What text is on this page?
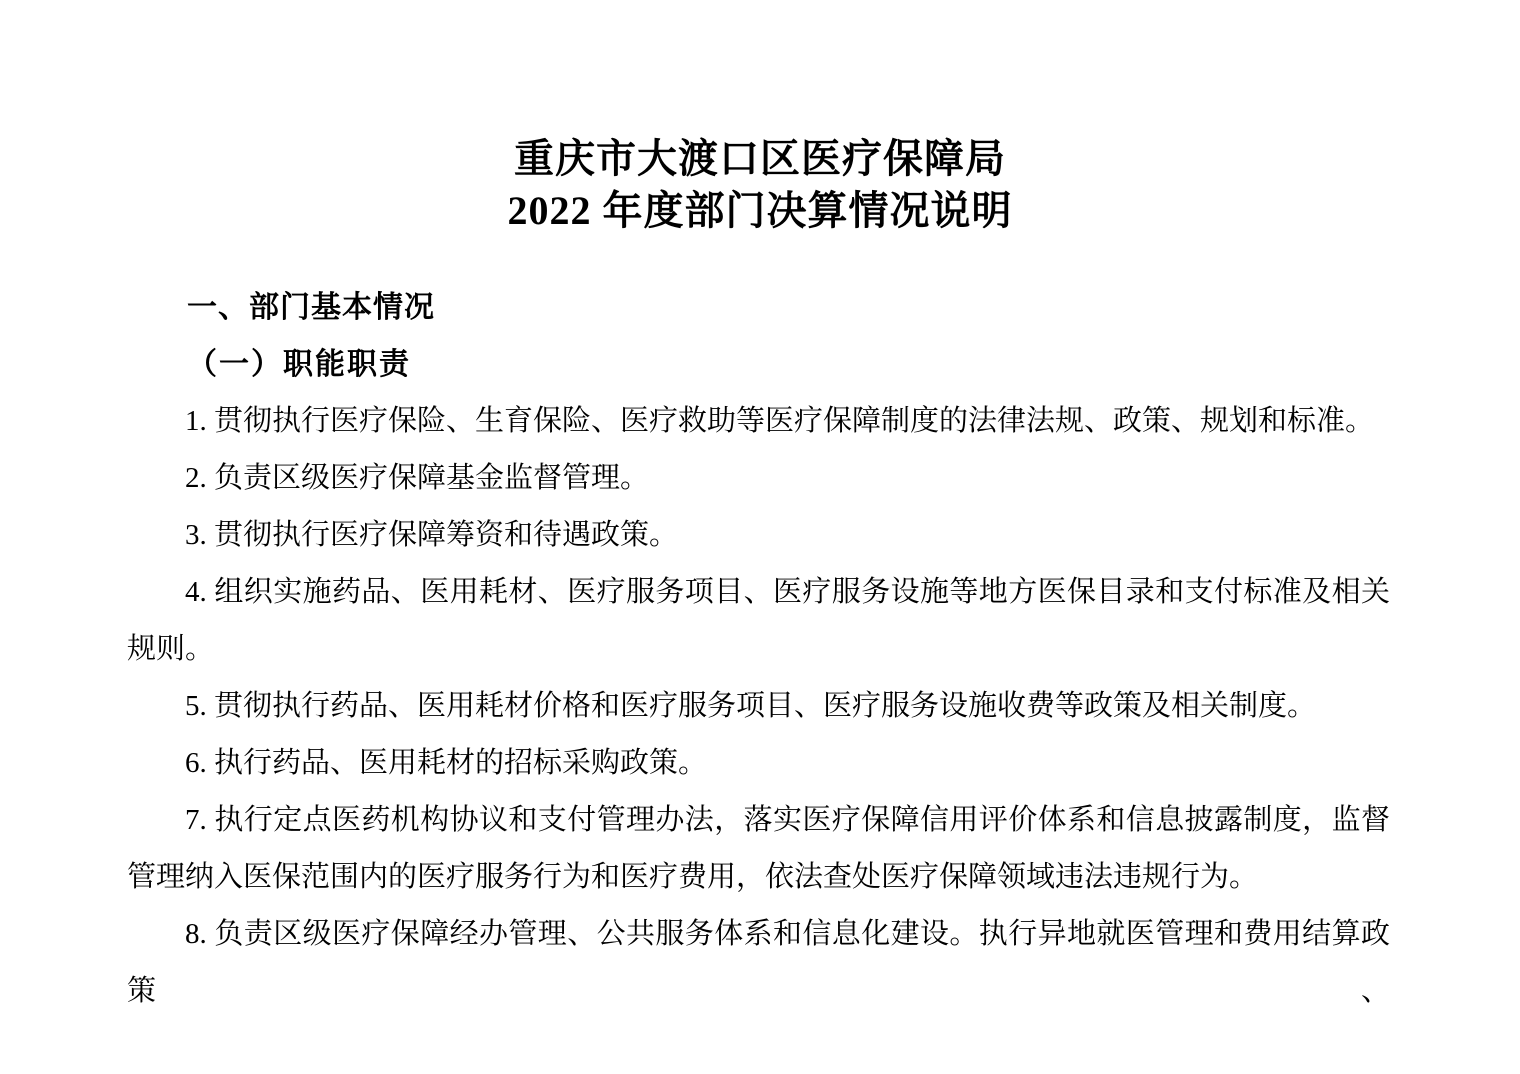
重庆市大渡口区医疗保障局
2022 年度部门决算情况说明
一、部门基本情况
（一）职能职责

1. 贯彻执行医疗保险、生育保险、医疗救助等医疗保障制度的法律法规、政策、规划和标准。

2. 负责区级医疗保障基金监督管理。

3. 贯彻执行医疗保障筹资和待遇政策。

4. 组织实施药品、医用耗材、医疗服务项目、医疗服务设施等地方医保目录和支付标准及相关规则。

5. 贯彻执行药品、医用耗材价格和医疗服务项目、医疗服务设施收费等政策及相关制度。

6. 执行药品、医用耗材的招标采购政策。

7. 执行定点医药机构协议和支付管理办法，落实医疗保障信用评价体系和信息披露制度，监督管理纳入医保范围内的医疗服务行为和医疗费用，依法查处医疗保障领域违法违规行为。

8. 负责区级医疗保障经办管理、公共服务体系和信息化建设。执行异地就医管理和费用结算政策、
